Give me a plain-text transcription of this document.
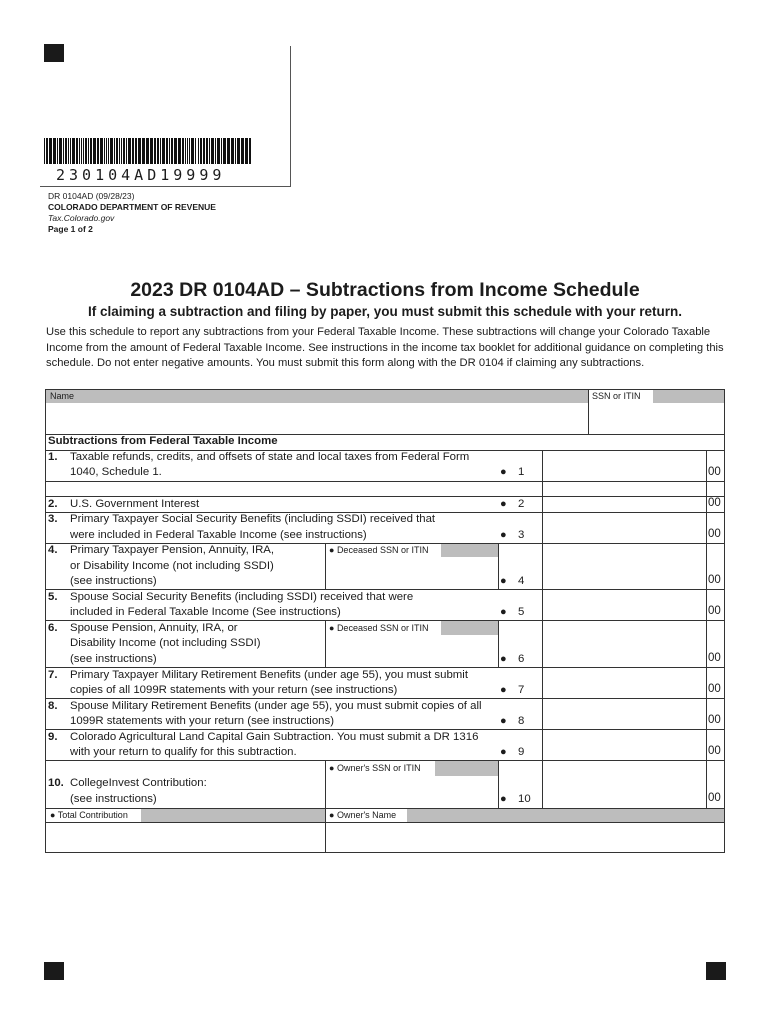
230104AD19999
DR 0104AD (09/28/23)
COLORADO DEPARTMENT OF REVENUE
Tax.Colorado.gov
Page 1 of 2
2023 DR 0104AD – Subtractions from Income Schedule
If claiming a subtraction and filing by paper, you must submit this schedule with your return.
Use this schedule to report any subtractions from your Federal Taxable Income. These subtractions will change your Colorado Taxable Income from the amount of Federal Taxable Income. See instructions in the income tax booklet for additional guidance on completing this schedule. Do not enter negative amounts. You must submit this form along with the DR 0104 if claiming any subtractions.
Name	SSN or ITIN
Subtractions from Federal Taxable Income
1. Taxable refunds, credits, and offsets of state and local taxes from Federal Form
1040, Schedule 1.	● 1	00
2. U.S. Government Interest	● 2	00
3. Primary Taxpayer Social Security Benefits (including SSDI) received that
were included in Federal Taxable Income (see instructions)	● 3	00
4. Primary Taxpayer Pension, Annuity, IRA,
or Disability Income (not including SSDI)
(see instructions)
● Deceased SSN or ITIN
● 4	00
5. Spouse Social Security Benefits (including SSDI) received that were
included in Federal Taxable Income (See instructions)	● 5	00
6. Spouse Pension, Annuity, IRA, or
Disability Income (not including SSDI)
(see instructions)
● Deceased SSN or ITIN
● 6	00
7. Primary Taxpayer Military Retirement Benefits (under age 55), you must submit
copies of all 1099R statements with your return (see instructions)	● 7	00
8. Spouse Military Retirement Benefits (under age 55), you must submit copies of all
1099R statements with your return (see instructions)	● 8	00
9. Colorado Agricultural Land Capital Gain Subtraction. You must submit a DR 1316
with your return to qualify for this subtraction.	● 9	00
10. CollegeInvest Contribution:
(see instructions)
● Owner's SSN or ITIN
● 10	00
● Total Contribution	● Owner's Name
